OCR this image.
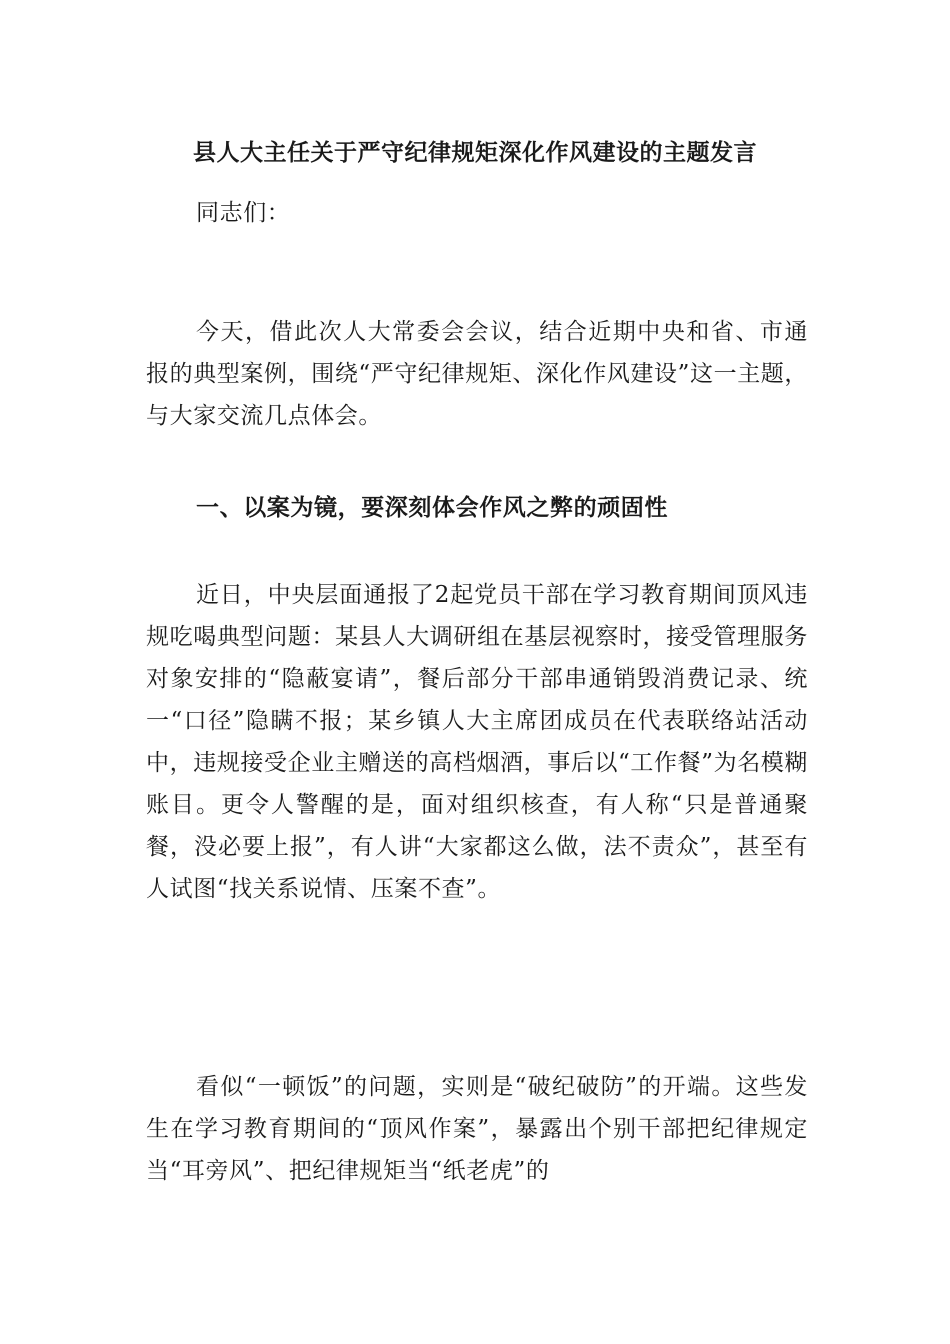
县人大主任关于严守纪律规矩深化作风建设的主题发言

同志们：

今天，借此次人大常委会会议，结合近期中央和省、市通报的典型案例，围绕“严守纪律规矩、深化作风建设”这一主题，与大家交流几点体会。

一、以案为镜，要深刻体会作风之弊的顽固性

近日，中央层面通报了2起党员干部在学习教育期间顶风违规吃喝典型问题：某县人大调研组在基层视察时，接受管理服务对象安排的“隐蔽宴请”，餐后部分干部串通销毁消费记录、统一“口径”隐瞒不报；某乡镇人大主席团成员在代表联络站活动中，违规接受企业主赠送的高档烟酒，事后以“工作餐”为名模糊账目。更令人警醒的是，面对组织核查，有人称“只是普通聚餐，没必要上报”，有人讲“大家都这么做，法不责众”，甚至有人试图“找关系说情、压案不查”。

看似“一顿饭”的问题，实则是“破纪破防”的开端。这些发生在学习教育期间的“顶风作案”，暴露出个别干部把纪律规定当“耳旁风”、把纪律规矩当“纸老虎”的
